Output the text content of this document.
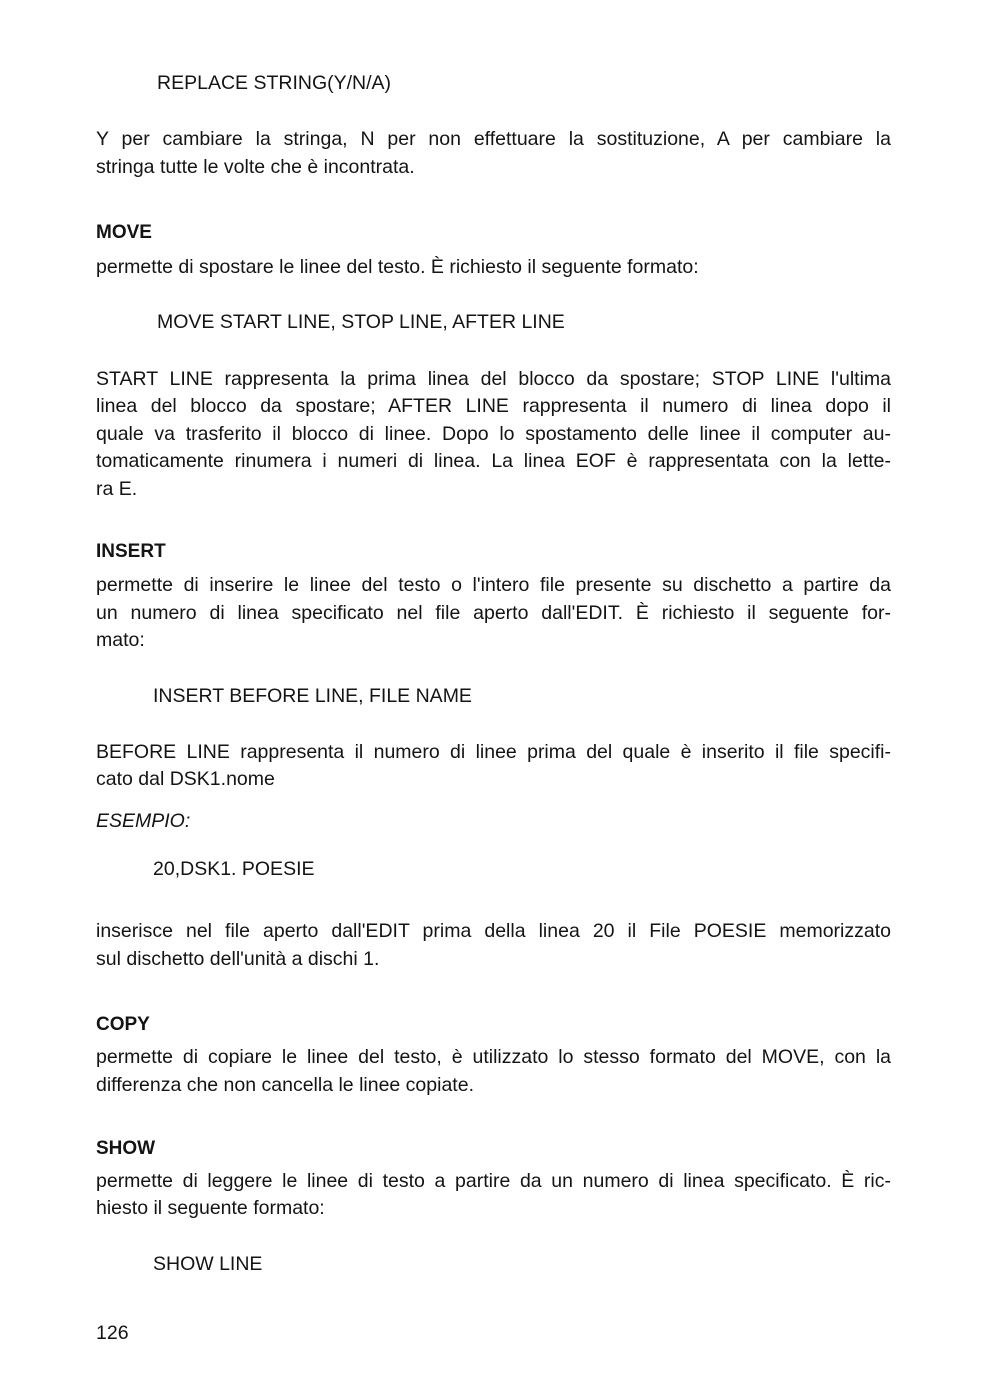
REPLACE STRING(Y/N/A)

Y per cambiare la stringa, N per non effettuare la sostituzione, A per cambiare la

stringa tutte le volte che è incontrata.

MOVE

permette di spostare le linee del testo. È richiesto il seguente formato:

MOVE START LINE, STOP LINE, AFTER LINE

START LINE rappresenta la prima linea del blocco da spostare; STOP LINE l'ultima

linea del blocco da spostare; AFTER LINE rappresenta il numero di linea dopo il

quale va trasferito il blocco di linee. Dopo lo spostamento delle linee il computer au-

tomaticamente rinumera i numeri di linea. La linea EOF è rappresentata con la lette-

ra E.

INSERT

permette di inserire le linee del testo o l'intero file presente su dischetto a partire da

un numero di linea specificato nel file aperto dall'EDIT. È richiesto il seguente for-

mato:

INSERT BEFORE LINE, FILE NAME

BEFORE LINE rappresenta il numero di linee prima del quale è inserito il file specifi-

cato dal DSK1.nome

ESEMPIO:

20,DSK1. POESIE

inserisce nel file aperto dall'EDIT prima della linea 20 il File POESIE memorizzato

sul dischetto dell'unità a dischi 1.

COPY

permette di copiare le linee del testo, è utilizzato lo stesso formato del MOVE, con la

differenza che non cancella le linee copiate.

SHOW

permette di leggere le linee di testo a partire da un numero di linea specificato. È ric-

hiesto il seguente formato:

SHOW LINE

126
